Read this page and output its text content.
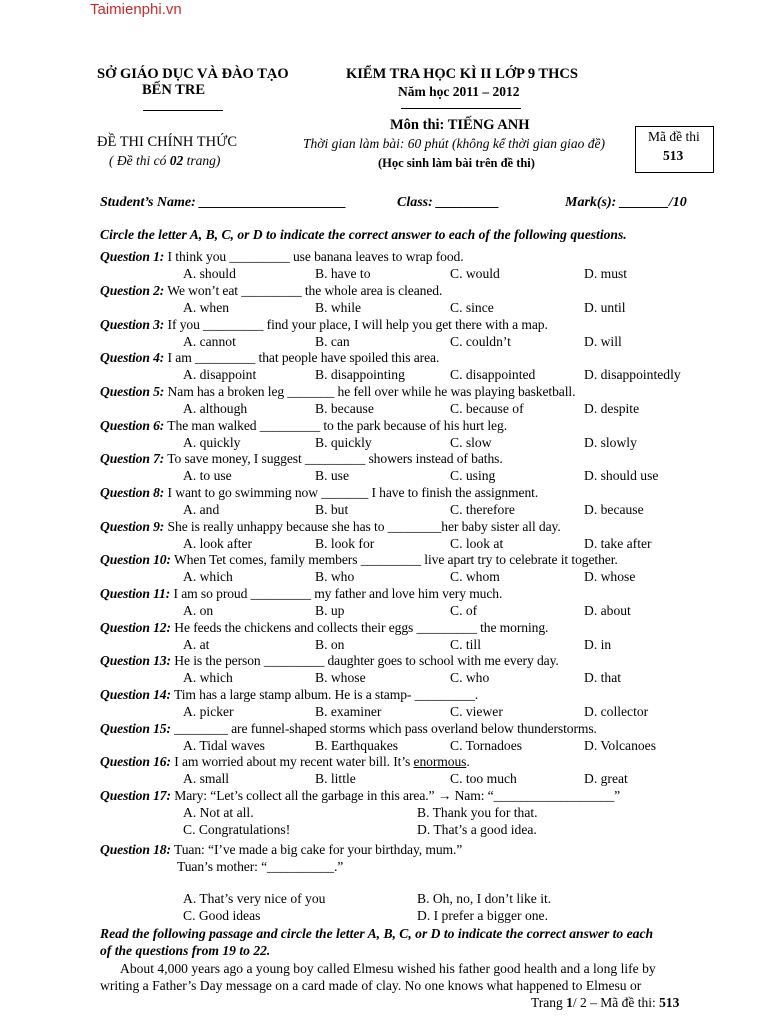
Taimienphi.vn
SỞ GIÁO DỤC VÀ ĐÀO TẠO
BẾN TRE
KIỂM TRA HỌC KÌ II LỚP 9 THCS
Năm học 2011 – 2012
Môn thi: TIẾNG ANH
ĐỀ THI CHÍNH THỨC
( Đề thi có 02 trang)
Thời gian làm bài: 60 phút (không kể thời gian giao đề)
(Học sinh làm bài trên đề thi)
Mã đề thi
513
Student’s Name: _____________________	Class: _________	Mark(s): _______/10
Circle the letter A, B, C, or D to indicate the correct answer to each of the following questions.
Question 1: I think you _________ use banana leaves to wrap food.
A. should	B. have to	C. would	D. must
Question 2: We won’t eat _________ the whole area is cleaned.
A. when	B. while	C. since	D. until
Question 3: If you _________ find your place, I will help you get there with a map.
A. cannot	B. can	C. couldn’t	D. will
Question 4: I am _________ that people have spoiled this area.
A. disappoint	B. disappointing	C. disappointed	D. disappointedly
Question 5: Nam has a broken leg _______ he fell over while he was playing basketball.
A. although	B. because	C. because of	D. despite
Question 6: The man walked _________ to the park because of his hurt leg.
A. quickly	B. quickly	C. slow	D. slowly
Question 7: To save money, I suggest _________ showers instead of baths.
A. to use	B. use	C. using	D. should use
Question 8: I want to go swimming now _______ I have to finish the assignment.
A. and	B. but	C. therefore	D. because
Question 9: She is really unhappy because she has to ________her baby sister all day.
A. look after	B. look for	C. look at	D. take after
Question 10: When Tet comes, family members _________ live apart try to celebrate it together.
A. which	B. who	C. whom	D. whose
Question 11: I am so proud _________ my father and love him very much.
A. on	B. up	C. of	D. about
Question 12: He feeds the chickens and collects their eggs _________ the morning.
A. at	B. on	C. till	D. in
Question 13: He is the person _________ daughter goes to school with me every day.
A. which	B. whose	C. who	D. that
Question 14: Tim has a large stamp album. He is a stamp- _________.
A. picker	B. examiner	C. viewer	D. collector
Question 15: ________ are funnel-shaped storms which pass overland below thunderstorms.
A. Tidal waves	B. Earthquakes	C. Tornadoes	D. Volcanoes
Question 16: I am worried about my recent water bill. It’s enormous.
A. small	B. little	C. too much	D. great
Question 17: Mary: “Let’s collect all the garbage in this area.” → Nam: “__________________”
A. Not at all.	B. Thank you for that.
C. Congratulations!	D. That’s a good idea.
Question 18: Tuan: “I’ve made a big cake for your birthday, mum.”
Tuan’s mother: “__________.”
A. That’s very nice of you	B. Oh, no, I don’t like it.
C. Good ideas	D. I prefer a bigger one.
Read the following passage and circle the letter A, B, C, or D to indicate the correct answer to each
of the questions from 19 to 22.
About 4,000 years ago a young boy called Elmesu wished his father good health and a long life by
writing a Father’s Day message on a card made of clay. No one knows what happened to Elmesu or
Trang 1/ 2 – Mã đề thi: 513
